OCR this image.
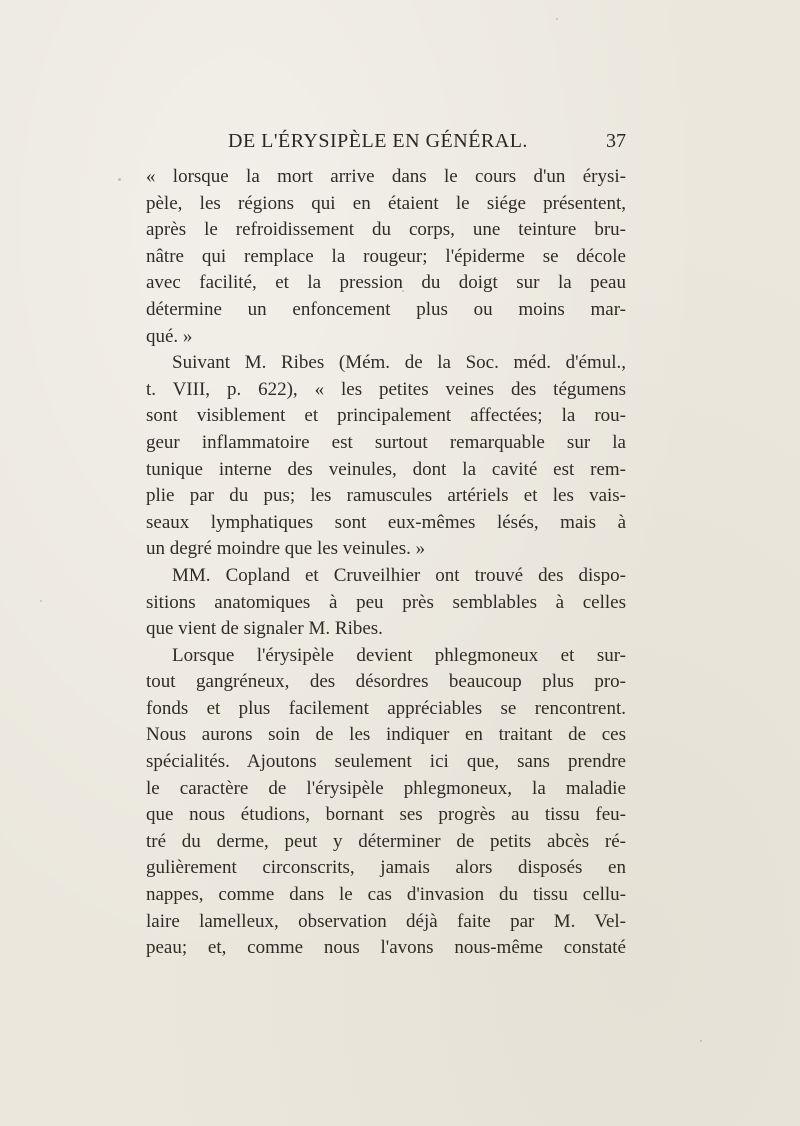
DE L'ÉRYSIPÈLE EN GÉNÉRAL.	37
« lorsque la mort arrive dans le cours d'un érysi-
pèle, les régions qui en étaient le siége présentent,
après le refroidissement du corps, une teinture bru-
nâtre qui remplace la rougeur; l'épiderme se décole
avec facilité, et la pression du doigt sur la peau
détermine un enfoncement plus ou moins mar-
qué. »
Suivant M. Ribes (Mém. de la Soc. méd. d'émul.,
t. VIII, p. 622), « les petites veines des tégumens
sont visiblement et principalement affectées; la rou-
geur inflammatoire est surtout remarquable sur la
tunique interne des veinules, dont la cavité est rem-
plie par du pus; les ramuscules artériels et les vais-
seaux lymphatiques sont eux-mêmes lésés, mais à
un degré moindre que les veinules. »
MM. Copland et Cruveilhier ont trouvé des dispo-
sitions anatomiques à peu près semblables à celles
que vient de signaler M. Ribes.
Lorsque l'érysipèle devient phlegmoneux et sur-
tout gangréneux, des désordres beaucoup plus pro-
fonds et plus facilement appréciables se rencontrent.
Nous aurons soin de les indiquer en traitant de ces
spécialités. Ajoutons seulement ici que, sans prendre
le caractère de l'érysipèle phlegmoneux, la maladie
que nous étudions, bornant ses progrès au tissu feu-
tré du derme, peut y déterminer de petits abcès ré-
gulièrement circonscrits, jamais alors disposés en
nappes, comme dans le cas d'invasion du tissu cellu-
laire lamelleux, observation déjà faite par M. Vel-
peau; et, comme nous l'avons nous-même constaté
